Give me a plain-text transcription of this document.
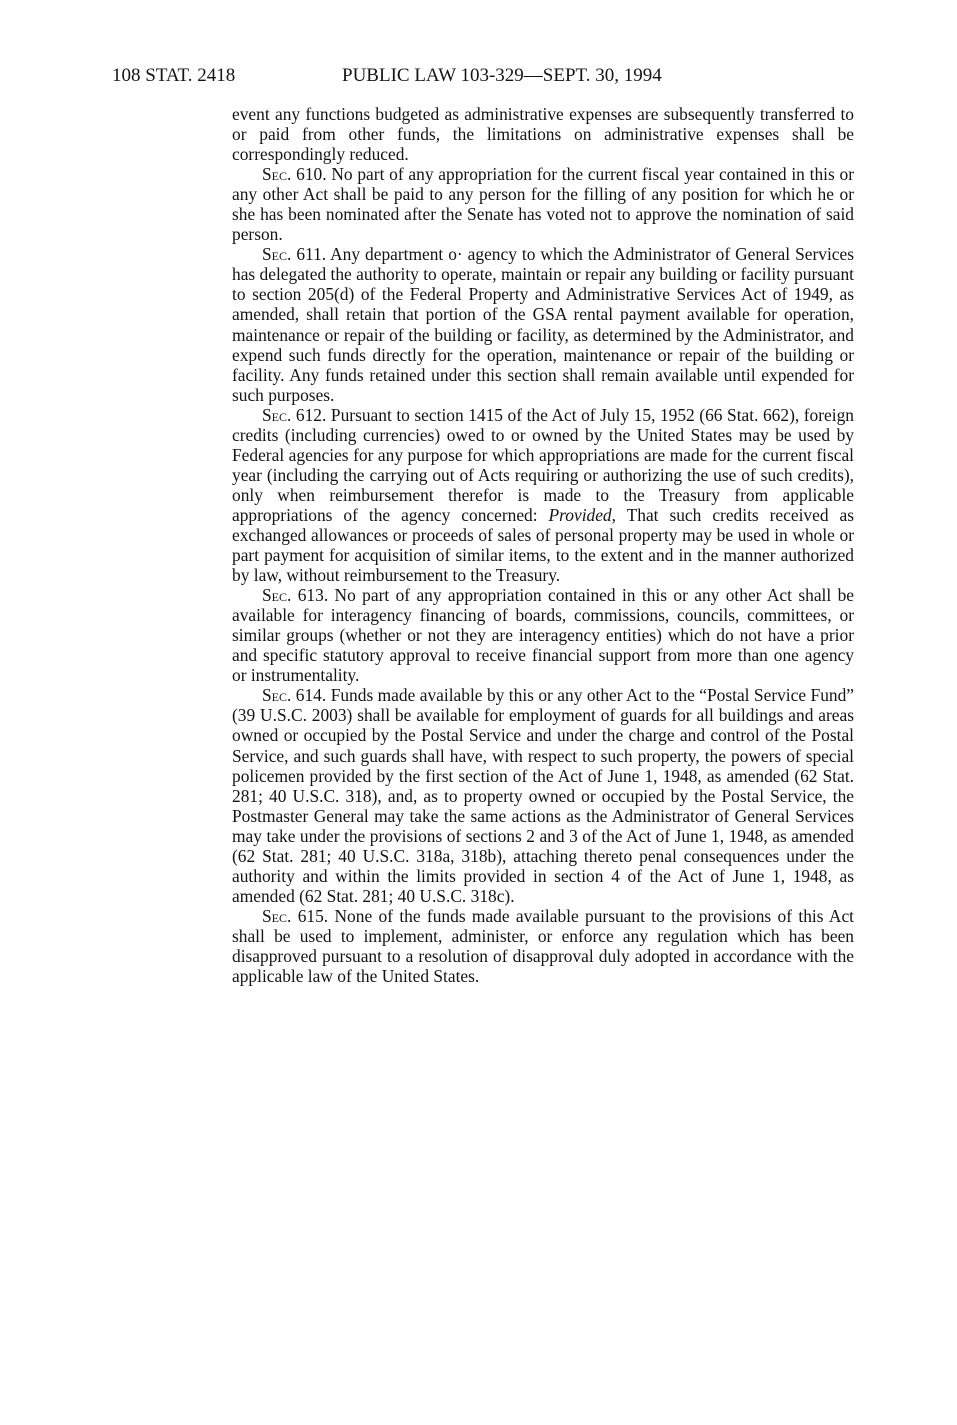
108 STAT. 2418	PUBLIC LAW 103-329—SEPT. 30, 1994

event any functions budgeted as administrative expenses are subsequently transferred to or paid from other funds, the limitations on administrative expenses shall be correspondingly reduced.

Sec. 610. No part of any appropriation for the current fiscal year contained in this or any other Act shall be paid to any person for the filling of any position for which he or she has been nominated after the Senate has voted not to approve the nomination of said person.

Sec. 611. Any department o· agency to which the Administrator of General Services has delegated the authority to operate, maintain or repair any building or facility pursuant to section 205(d) of the Federal Property and Administrative Services Act of 1949, as amended, shall retain that portion of the GSA rental payment available for operation, maintenance or repair of the building or facility, as determined by the Administrator, and expend such funds directly for the operation, maintenance or repair of the building or facility. Any funds retained under this section shall remain available until expended for such purposes.

Sec. 612. Pursuant to section 1415 of the Act of July 15, 1952 (66 Stat. 662), foreign credits (including currencies) owed to or owned by the United States may be used by Federal agencies for any purpose for which appropriations are made for the current fiscal year (including the carrying out of Acts requiring or authorizing the use of such credits), only when reimbursement therefor is made to the Treasury from applicable appropriations of the agency concerned: Provided, That such credits received as exchanged allowances or proceeds of sales of personal property may be used in whole or part payment for acquisition of similar items, to the extent and in the manner authorized by law, without reimbursement to the Treasury.

Sec. 613. No part of any appropriation contained in this or any other Act shall be available for interagency financing of boards, commissions, councils, committees, or similar groups (whether or not they are interagency entities) which do not have a prior and specific statutory approval to receive financial support from more than one agency or instrumentality.

Sec. 614. Funds made available by this or any other Act to the “Postal Service Fund” (39 U.S.C. 2003) shall be available for employment of guards for all buildings and areas owned or occupied by the Postal Service and under the charge and control of the Postal Service, and such guards shall have, with respect to such property, the powers of special policemen provided by the first section of the Act of June 1, 1948, as amended (62 Stat. 281; 40 U.S.C. 318), and, as to property owned or occupied by the Postal Service, the Postmaster General may take the same actions as the Administrator of General Services may take under the provisions of sections 2 and 3 of the Act of June 1, 1948, as amended (62 Stat. 281; 40 U.S.C. 318a, 318b), attaching thereto penal consequences under the authority and within the limits provided in section 4 of the Act of June 1, 1948, as amended (62 Stat. 281; 40 U.S.C. 318c).

Sec. 615. None of the funds made available pursuant to the provisions of this Act shall be used to implement, administer, or enforce any regulation which has been disapproved pursuant to a resolution of disapproval duly adopted in accordance with the applicable law of the United States.
